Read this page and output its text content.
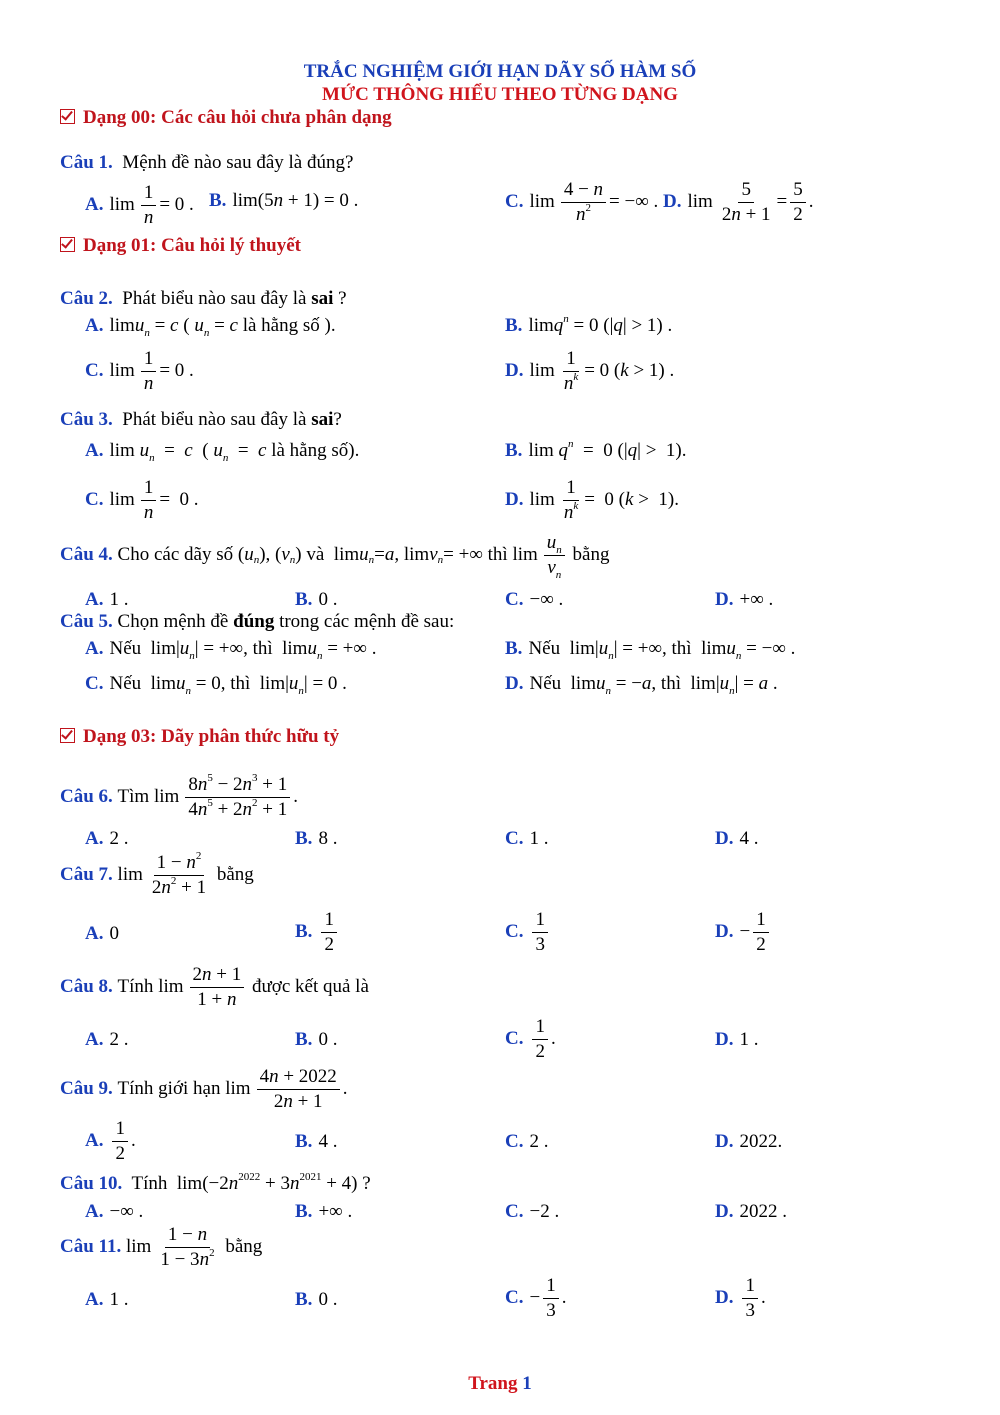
TRẮC NGHIỆM GIỚI HẠN DÃY SỐ HÀM SỐ
MỨC THÔNG HIỂU THEO TỪNG DẠNG
Dạng 00: Các câu hỏi chưa phân dạng
Câu 1. Mệnh đề nào sau đây là đúng?
A. $\lim \frac{1}{n} = 0$ . B. lim(5n + 1) = 0 .	C. $\lim \frac{4 - n}{n^2}$ = −∞ . D. $\lim \frac{5}{2n + 1} = \frac{5}{2}$ .
Dạng 01: Câu hỏi lý thuyết
Câu 2. Phát biểu nào sau đây là sai ?
A. limu$_n$ = c ( $u_n = c$ là hằng số ).	B. limq$^n$ = 0 (|q| > 1) .
C. $\lim \frac{1}{n} = 0$ .	D. $\lim \frac{1}{n^k} = 0$ (k > 1) .
Câu 3. Phát biểu nào sau đây là sai?
A. $\lim u_n = c$  ( $u_n = c$ là hằng số).	B. $\lim q^n = 0$ (|q| >  1).
C. $\lim \frac{1}{n} = 0$ .	D. $\lim \frac{1}{n^k} = 0$ (k >  1).
Câu 4.
Cho các dãy số ( u n ), ( v n ) và lim u n = a , lim v n = +∞ thì
$\lim \frac{u_n}{v_n}$
bằng
A. 1 .	B. 0 .	C. −∞ .	D. +∞ .
Câu 5. Chọn mệnh đề đúng trong các mệnh đề sau:
A. Nếu  $\lim|u_n|$ = +∞, thì  limu$_n$ = +∞ .	B. Nếu  $\lim|u_n|$ = +∞, thì  limu$_n$ = −∞ .
C. Nếu  limu$_n$ = 0, thì  $\lim|u_n| = 0$ .	D. Nếu  limu$_n$ = −a, thì  $\lim|u_n| = a$ .
Dạng 03: Dãy phân thức hữu tỷ
Câu 6.
Tìm
$\lim \frac{8n^5 - 2n^3 + 1}{4n^5 + 2n^2 + 1}$ .
A. 2 .	B. 8 .	C. 1 .	D. 4 .
Câu 7.
$\lim \frac{1 - n^2}{2n^2 + 1}$
bằng
A. 0	B. $\frac{1}{2}$	C. $\frac{1}{3}$	D. − $\frac{1}{2}$
Câu 8.
Tính
$\lim \frac{2n + 1}{1 + n}$
được kết quả là
A. 2 .	B. 0 .	C. $\frac{1}{2}$ .	D. 1 .
Câu 9.
Tính giới hạn
$\lim \frac{4n + 2022}{2n + 1}$ .
A. $\frac{1}{2}$ .	B. 4 .	C. 2 .	D. 2022.
Câu 10. Tính  $\lim(-2n^{2022} + 3n^{2021} + 4)$ ?
A. −∞ .	B. +∞ .	C. −2 .	D. 2022 .
Câu 11.
$\lim \frac{1 - n}{1 - 3n^2}$
bằng
A. 1 .	B. 0 .	C. − $\frac{1}{3}$ .	D. $\frac{1}{3}$ .
Trang 1
